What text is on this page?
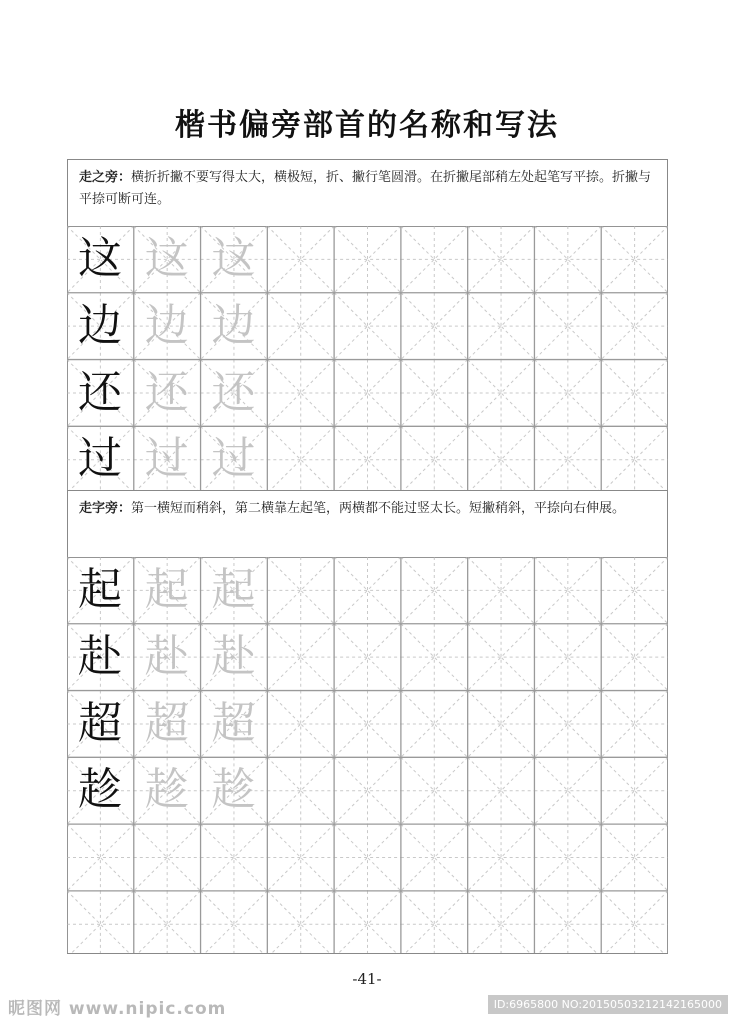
楷书偏旁部首的名称和写法
走之旁：横折折撇不要写得太大，横极短，折、撇行笔圆滑。在折撇尾部稍左处起笔写平捺。折撇与平捺可断可连。
这 这 这
边 边 边
还 还 还
过 过 过
走字旁：第一横短而稍斜，第二横靠左起笔，两横都不能过竖太长。短撇稍斜，平捺向右伸展。
起 起 起
赴 赴 赴
超 超 超
趁 趁 趁
-41-
昵图网 www.nipic.com	ID:6965800 NO:20150503212142165000
